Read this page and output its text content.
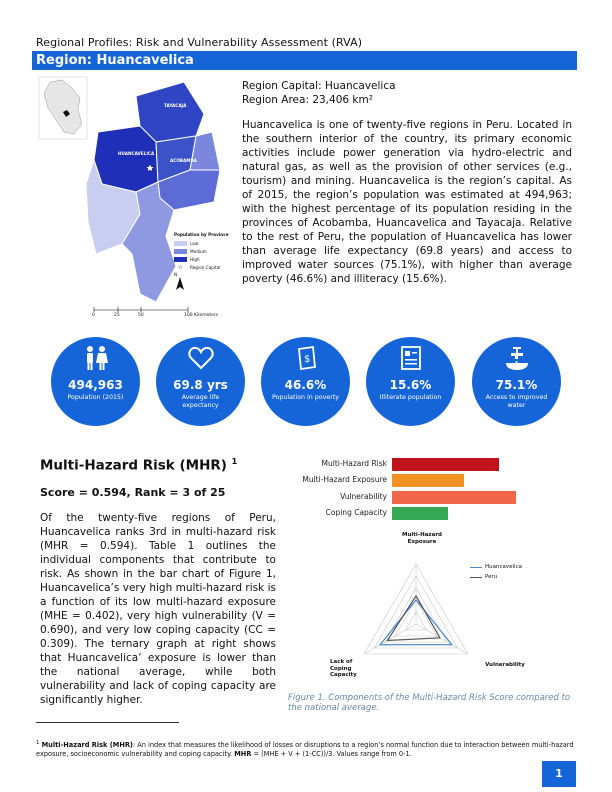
Regional Profiles: Risk and Vulnerability Assessment (RVA)
Region: Huancavelica
TAYACAJA
HUANCAVELICA
ACOBAMBA
Population by Province
Low
Medium
High
☆	Region Capital
N
0	25	50	100 Kilometers
Region Capital: Huancavelica
Region Area: 23,406 km²
Huancavelica is one of twenty-five regions in Peru. Located in the southern interior of the country, its primary economic activities include power generation via hydro-electric and natural gas, as well as the provision of other services (e.g., tourism) and mining. Huancavelica is the region’s capital. As of 2015, the region’s population was estimated at 494,963; with the highest percentage of its population residing in the provinces of Acobamba, Huancavelica and Tayacaja. Relative to the rest of Peru, the population of Huancavelica has lower than average life expectancy (69.8 years) and access to improved water sources (75.1%), with higher than average poverty (46.6%) and illiteracy (15.6%).
494,963
Population (2015)
69.8 yrs
Average life expectancy
$
46.6%
Population in poverty
15.6%
Illiterate population
75.1%
Access to improved water
Multi-Hazard Risk (MHR) $^1$
Score = 0.594, Rank = 3 of 25
Of the twenty-five regions of Peru, Huancavelica ranks 3rd in multi-hazard risk (MHR = 0.594). Table 1 outlines the individual components that contribute to risk. As shown in the bar chart of Figure 1, Huancavelica’s very high multi-hazard risk is a function of its low multi-hazard exposure (MHE = 0.402), very high vulnerability (V = 0.690), and very low coping capacity (CC = 0.309). The ternary graph at right shows that Huancavelica’ exposure is lower than the national average, while both vulnerability and lack of coping capacity are significantly higher.
Multi-Hazard Risk
Multi-Hazard Exposure
Vulnerability
Coping Capacity
Multi-Hazard Exposure
Vulnerability
Lack of Coping Capacity
Huancavelica
Peru
Figure 1. Components of the Multi-Hazard Risk Score compared to the national average.
$^1$ Multi-Hazard Risk (MHR): An index that measures the likelihood of losses or disruptions to a region’s normal function due to interaction between multi-hazard exposure, socioeconomic vulnerability and coping capacity. MHR = (MHE + V + (1-CC))/3. Values range from 0-1.
1
